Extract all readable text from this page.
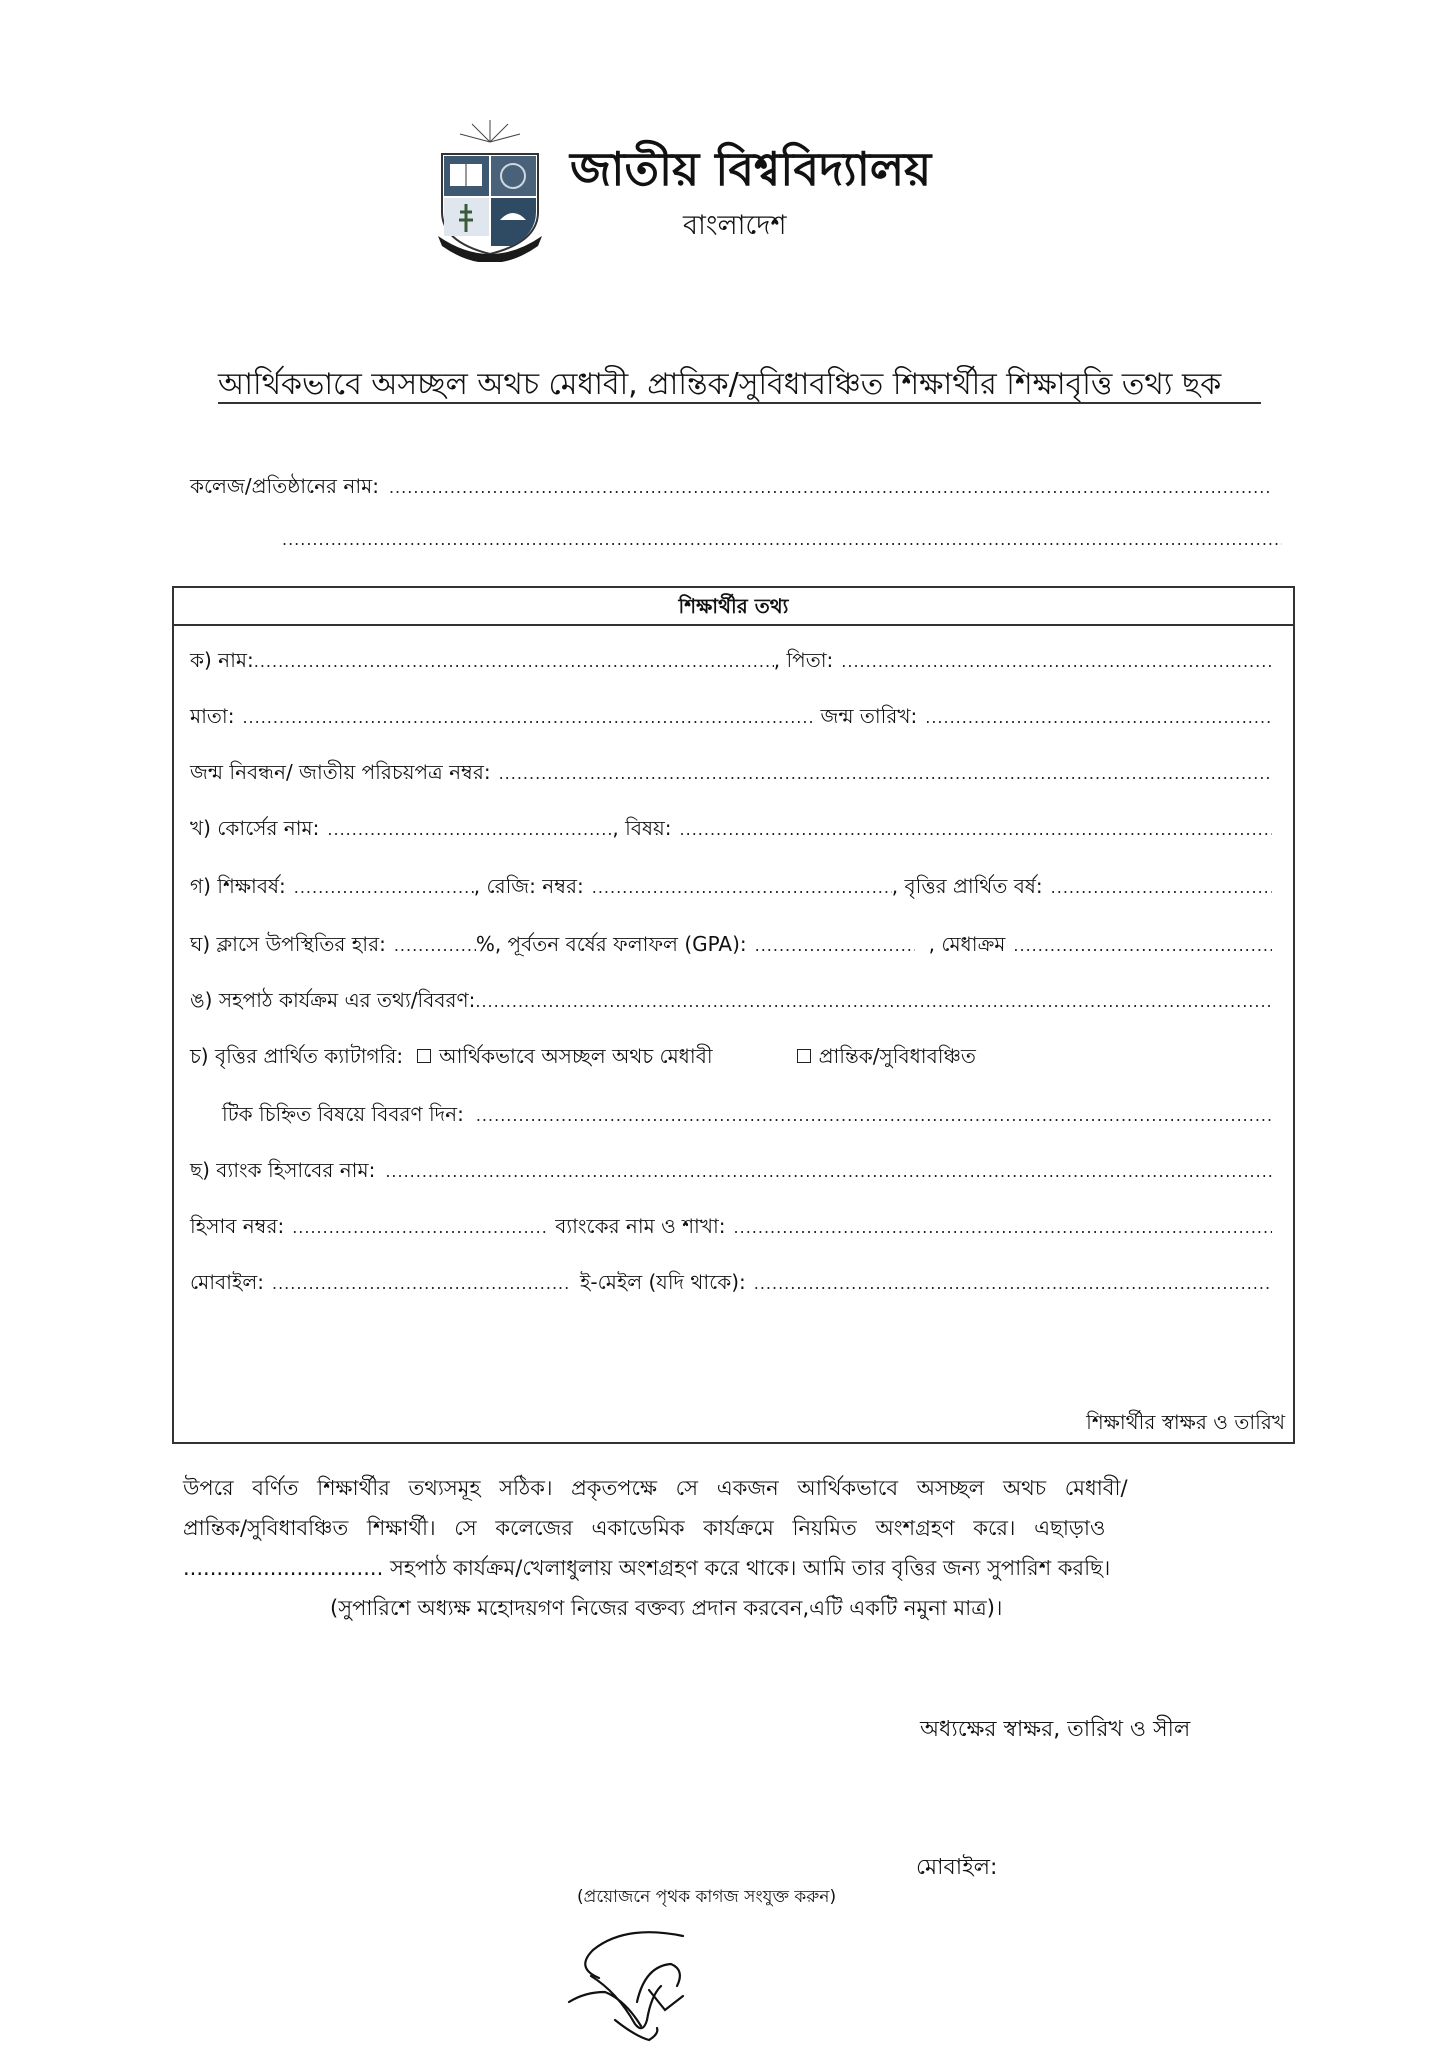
জাতীয় বিশ্ববিদ্যালয়
বাংলাদেশ
আর্থিকভাবে অসচ্ছল অথচ মেধাবী, প্রান্তিক/সুবিধাবঞ্চিত শিক্ষার্থীর শিক্ষাবৃত্তি তথ্য ছক
কলেজ/প্রতিষ্ঠানের নাম:
.....
.....
শিক্ষার্থীর তথ্য
ক) নাম: .....	, পিতা:
.....
মাতা: .....	জন্ম তারিখ:
.....
জন্ম নিবন্ধন/ জাতীয় পরিচয়পত্র নম্বর:
.....
খ) কোর্সের নাম: .....	, বিষয়:
.....
গ) শিক্ষাবর্ষ: .....	, রেজি: নম্বর: .....	, বৃত্তির প্রার্থিত বর্ষ:
.....
ঘ) ক্লাসে উপস্থিতির হার: .....	% , পূর্বতন বর্ষের ফলাফল (GPA): .....	, মেধাক্রম
.....
ঙ) সহপাঠ কার্যক্রম এর তথ্য/বিবরণ:
.....
চ) বৃত্তির প্রার্থিত ক্যাটাগরি: আর্থিকভাবে অসচ্ছল অথচ মেধাবী	প্রান্তিক/সুবিধাবঞ্চিত
টিক চিহ্নিত বিষয়ে বিবরণ দিন:
.....
ছ) ব্যাংক হিসাবের নাম:
.....
হিসাব নম্বর: .....	ব্যাংকের নাম ও শাখা:
.....
মোবাইল: .....	ই-মেইল (যদি থাকে):
.....
শিক্ষার্থীর স্বাক্ষর ও তারিখ
উপরে বর্ণিত শিক্ষার্থীর তথ্যসমূহ সঠিক। প্রকৃতপক্ষে সে একজন আর্থিকভাবে অসচ্ছল অথচ মেধাবী/
প্রান্তিক/সুবিধাবঞ্চিত শিক্ষার্থী। সে কলেজের একাডেমিক কার্যক্রমে নিয়মিত অংশগ্রহণ করে। এছাড়াও
.............................. সহপাঠ কার্যক্রম/খেলাধুলায় অংশগ্রহণ করে থাকে। আমি তার বৃত্তির জন্য সুপারিশ করছি।
(সুপারিশে অধ্যক্ষ মহোদয়গণ নিজের বক্তব্য প্রদান করবেন,এটি একটি নমুনা মাত্র)।
অধ্যক্ষের স্বাক্ষর, তারিখ ও সীল
মোবাইল:
(প্রয়োজনে পৃথক কাগজ সংযুক্ত করুন)
